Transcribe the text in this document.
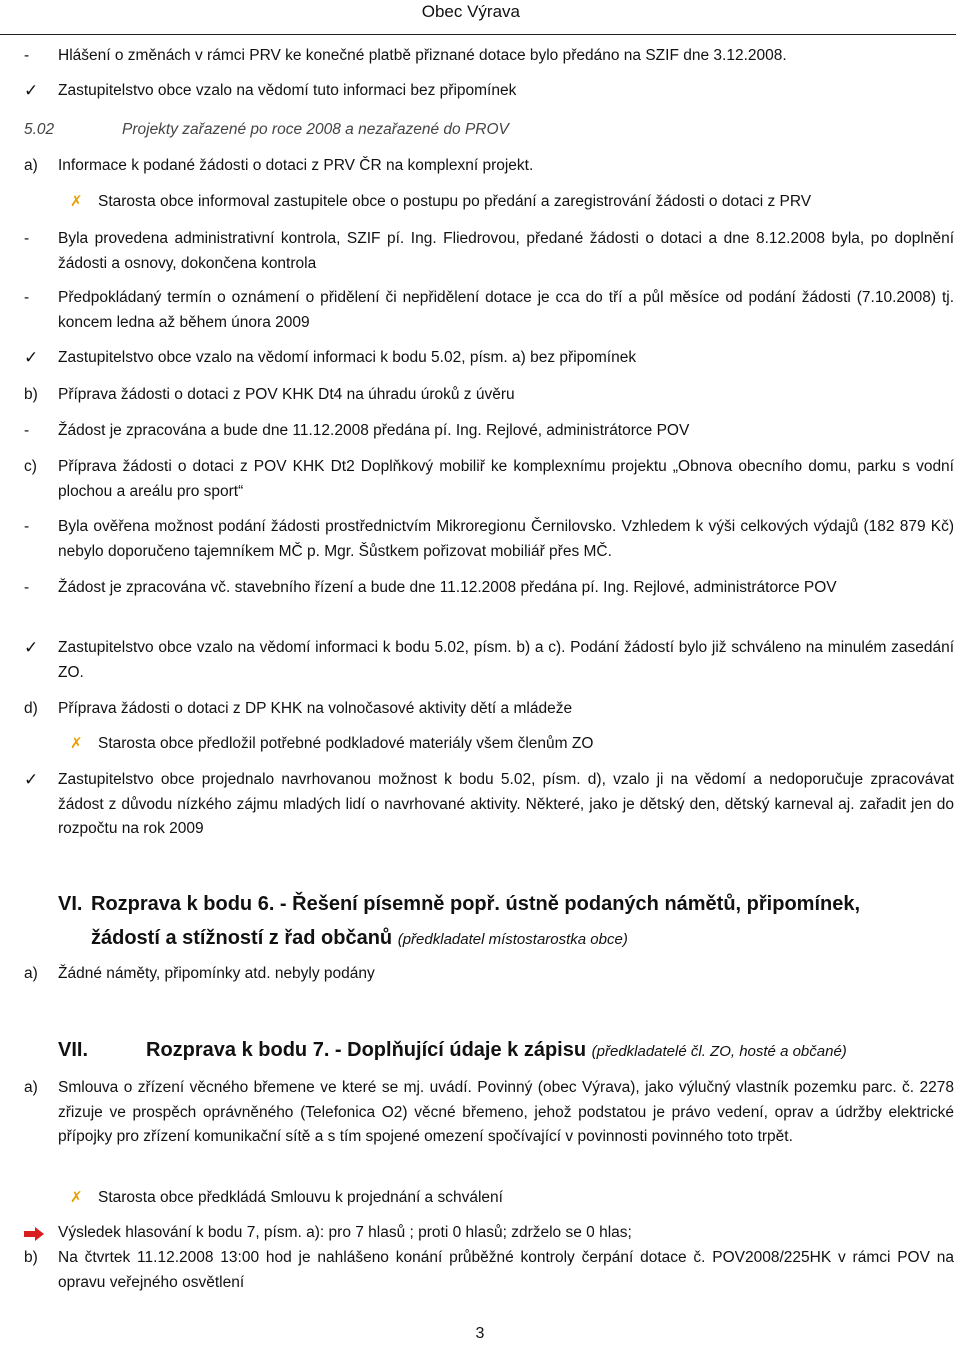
Obec Výrava
- Hlášení o změnách v rámci PRV ke konečné platbě přiznané dotace bylo předáno na SZIF dne 3.12.2008.
✓ Zastupitelstvo obce vzalo na vědomí tuto informaci bez připomínek
5.02	Projekty zařazené po roce 2008 a nezařazené do PROV
a) Informace k podané žádosti o dotaci z PRV ČR na komplexní projekt.
✗ Starosta obce informoval zastupitele obce o postupu po předání a zaregistrování žádosti o dotaci z PRV
- Byla provedena administrativní kontrola, SZIF pí. Ing. Fliedrovou, předané žádosti o dotaci a dne 8.12.2008 byla, po doplnění žádosti a osnovy, dokončena kontrola
- Předpokládaný termín o oznámení o přidělení či nepřidělení dotace je cca do tří a půl měsíce od podání žádosti (7.10.2008) tj. koncem ledna až během února 2009
✓ Zastupitelstvo obce vzalo na vědomí informaci k bodu 5.02, písm. a) bez připomínek
b) Příprava žádosti o dotaci z POV KHK Dt4 na úhradu úroků z úvěru
- Žádost je zpracována a bude dne 11.12.2008 předána pí. Ing. Rejlové, administrátorce POV
c) Příprava žádosti o dotaci z POV KHK Dt2 Doplňkový mobiliř ke komplexnímu projektu „Obnova obecního domu, parku s vodní plochou a areálu pro sport“
- Byla ověřena možnost podání žádosti prostřednictvím Mikroregionu Černilovsko. Vzhledem k výši celkových výdajů (182 879 Kč) nebylo doporučeno tajemníkem MČ p. Mgr. Šůstkem pořizovat mobiliář přes MČ.
- Žádost je zpracována vč. stavebního řízení a bude dne 11.12.2008 předána pí. Ing. Rejlové, administrátorce POV
✓ Zastupitelstvo obce vzalo na vědomí informaci k bodu 5.02, písm. b) a c). Podání žádostí bylo již schváleno na minulém zasedání ZO.
d) Příprava žádosti o dotaci z DP KHK na volnočasové aktivity dětí a mládeže
✗ Starosta obce předložil potřebné podkladové materiály všem členům ZO
✓ Zastupitelstvo obce projednalo navrhovanou možnost k bodu 5.02, písm. d), vzalo ji na vědomí a nedoporučuje zpracovávat žádost z důvodu nízkého zájmu mladých lidí o navrhované aktivity. Některé, jako je dětský den, dětský karneval aj. zařadit jen do rozpočtu na rok 2009
VI. Rozprava k bodu 6. - Řešení písemně popř. ústně podaných námětů, připomínek,
žádostí a stížností z řad občanů (předkladatel místostarostka obce)
a) Žádné náměty, připomínky atd. nebyly podány
VII.	Rozprava k bodu 7. - Doplňující údaje k zápisu (předkladatelé čl. ZO, hosté a občané)
a) Smlouva o zřízení věcného břemene ve které se mj. uvádí. Povinný (obec Výrava), jako výlučný vlastník pozemku parc. č. 2278 zřizuje ve prospěch oprávněného (Telefonica O2) věcné břemeno, jehož podstatou je právo vedení, oprav a údržby elektrické přípojky pro zřízení komunikační sítě a s tím spojené omezení spočívající v povinnosti povinného toto trpět.
✗ Starosta obce předkládá Smlouvu k projednání a schválení
Výsledek hlasování k bodu 7, písm. a): pro 7 hlasů ; proti 0 hlasů; zdrželo se 0 hlas;
b) Na čtvrtek 11.12.2008 13:00 hod je nahlášeno konání průběžné kontroly čerpání dotace č. POV2008/225HK v rámci POV na opravu veřejného osvětlení
3
